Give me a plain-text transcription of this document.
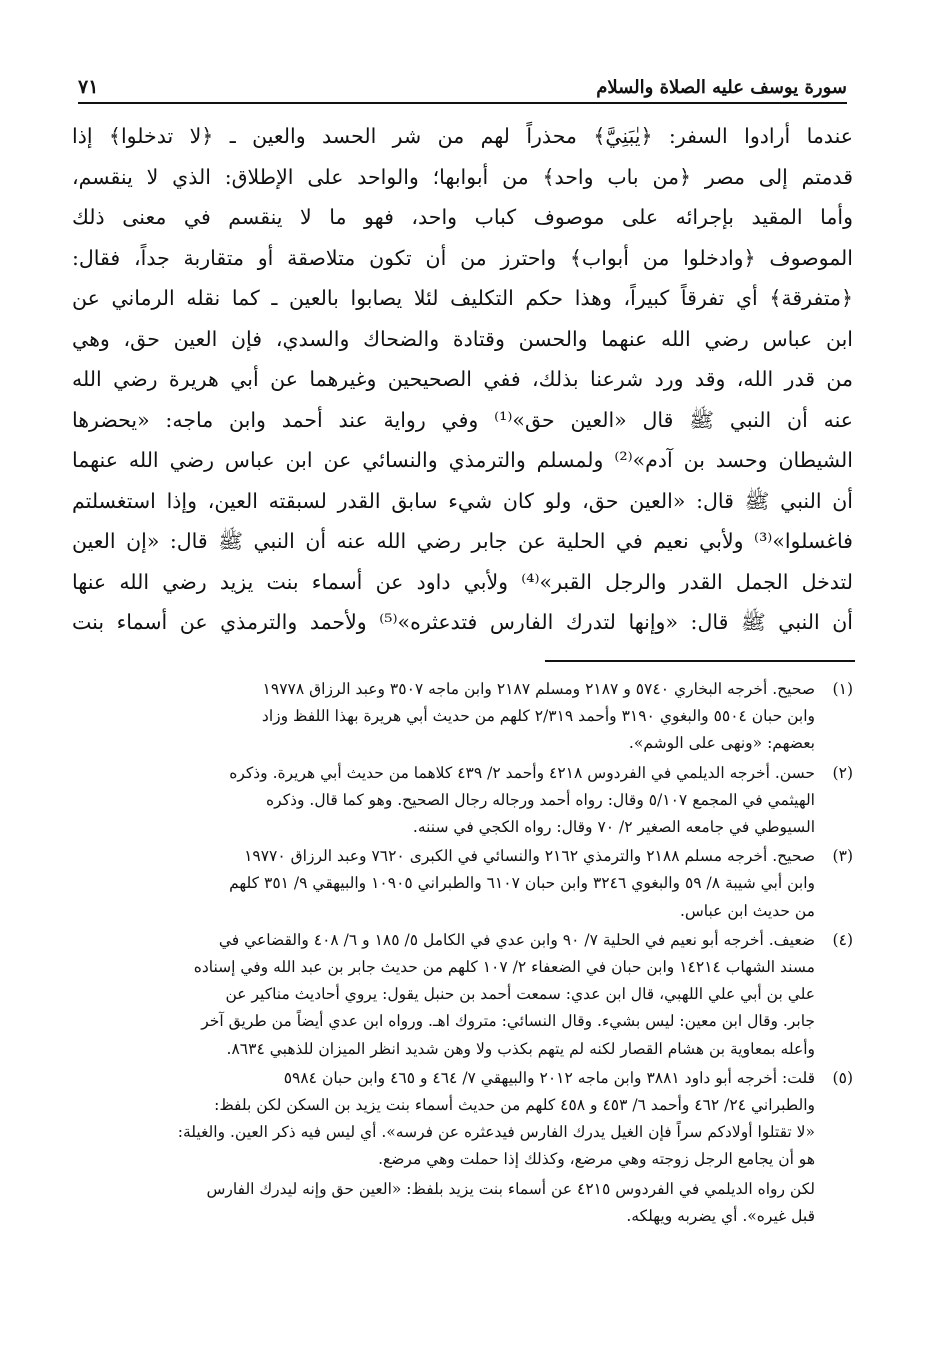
سورة يوسف عليه الصلاة والسلام
٧١

عندما أرادوا السفر: ﴿يٰبَنِيَّ﴾ محذراً لهم من شر الحسد والعين ـ ﴿لا تدخلوا﴾ إذا

قدمتم إلى مصر ﴿من باب واحد﴾ من أبوابها؛ والواحد على الإطلاق: الذي لا ينقسم،

وأما المقيد بإجرائه على موصوف كباب واحد، فهو ما لا ينقسم في معنى ذلك

الموصوف ﴿وادخلوا من أبواب﴾ واحترز من أن تكون متلاصقة أو متقاربة جداً، فقال:

﴿متفرقة﴾ أي تفرقاً كبيراً، وهذا حكم التكليف لئلا يصابوا بالعين ـ كما نقله الرماني عن

ابن عباس رضي الله عنهما والحسن وقتادة والضحاك والسدي، فإن العين حق، وهي

من قدر الله، وقد ورد شرعنا بذلك، ففي الصحيحين وغيرهما عن أبي هريرة رضي الله

عنه أن النبي ﷺ قال «العين حق»⁽¹⁾ وفي رواية عند أحمد وابن ماجه: «يحضرها

الشيطان وحسد بن آدم»⁽²⁾ ولمسلم والترمذي والنسائي عن ابن عباس رضي الله عنهما

أن النبي ﷺ قال: «العين حق، ولو كان شيء سابق القدر لسبقته العين، وإذا استغسلتم

فاغسلوا»⁽³⁾ ولأبي نعيم في الحلية عن جابر رضي الله عنه أن النبي ﷺ قال: «إن العين

لتدخل الجمل القدر والرجل القبر»⁽⁴⁾ ولأبي داود عن أسماء بنت يزيد رضي الله عنها

أن النبي ﷺ قال: «وإنها لتدرك الفارس فتدعثره»⁽⁵⁾ ولأحمد والترمذي عن أسماء بنت

(١)
صحيح. أخرجه البخاري ٥٧٤٠ و ٢١٨٧ ومسلم ٢١٨٧ وابن ماجه ٣٥٠٧ وعبد الرزاق ١٩٧٧٨
وابن حبان ٥٥٠٤ والبغوي ٣١٩٠ وأحمد ٢/٣١٩ كلهم من حديث أبي هريرة بهذا اللفظ وزاد
بعضهم: «ونهى على الوشم».
(٢)
حسن. أخرجه الديلمي في الفردوس ٤٢١٨ وأحمد ٢/ ٤٣٩ كلاهما من حديث أبي هريرة. وذكره
الهيثمي في المجمع ٥/١٠٧ وقال: رواه أحمد ورجاله رجال الصحيح. وهو كما قال. وذكره
السيوطي في جامعه الصغير ٢/ ٧٠ وقال: رواه الكجي في سننه.
(٣)
صحيح. أخرجه مسلم ٢١٨٨ والترمذي ٢١٦٢ والنسائي في الكبرى ٧٦٢٠ وعبد الرزاق ١٩٧٧٠
وابن أبي شيبة ٨/ ٥٩ والبغوي ٣٢٤٦ وابن حبان ٦١٠٧ والطبراني ١٠٩٠٥ والبيهقي ٩/ ٣٥١ كلهم
من حديث ابن عباس.
(٤)
ضعيف. أخرجه أبو نعيم في الحلية ٧/ ٩٠ وابن عدي في الكامل ٥/ ١٨٥ و ٦/ ٤٠٨ والقضاعي في
مسند الشهاب ١٤٢١٤ وابن حبان في الضعفاء ٢/ ١٠٧ كلهم من حديث جابر بن عبد الله وفي إسناده
علي بن أبي علي اللهبي، قال ابن عدي: سمعت أحمد بن حنبل يقول: يروي أحاديث مناكير عن
جابر. وقال ابن معين: ليس بشيء. وقال النسائي: متروك اهـ. ورواه ابن عدي أيضاً من طريق آخر
وأعله بمعاوية بن هشام القصار لكنه لم يتهم بكذب ولا وهن شديد انظر الميزان للذهبي ٨٦٣٤.
(٥)
قلت: أخرجه أبو داود ٣٨٨١ وابن ماجه ٢٠١٢ والبيهقي ٧/ ٤٦٤ و ٤٦٥ وابن حبان ٥٩٨٤
والطبراني ٢٤/ ٤٦٢ وأحمد ٦/ ٤٥٣ و ٤٥٨ كلهم من حديث أسماء بنت يزيد بن السكن لكن بلفظ:
«لا تقتلوا أولادكم سراً فإن الغيل يدرك الفارس فيدعثره عن فرسه». أي ليس فيه ذكر العين. والغيلة:
هو أن يجامع الرجل زوجته وهي مرضع، وكذلك إذا حملت وهي مرضع.
لكن رواه الديلمي في الفردوس ٤٢١٥ عن أسماء بنت يزيد بلفظ: «العين حق وإنه ليدرك الفارس
قبل غيره». أي يضربه ويهلكه.
